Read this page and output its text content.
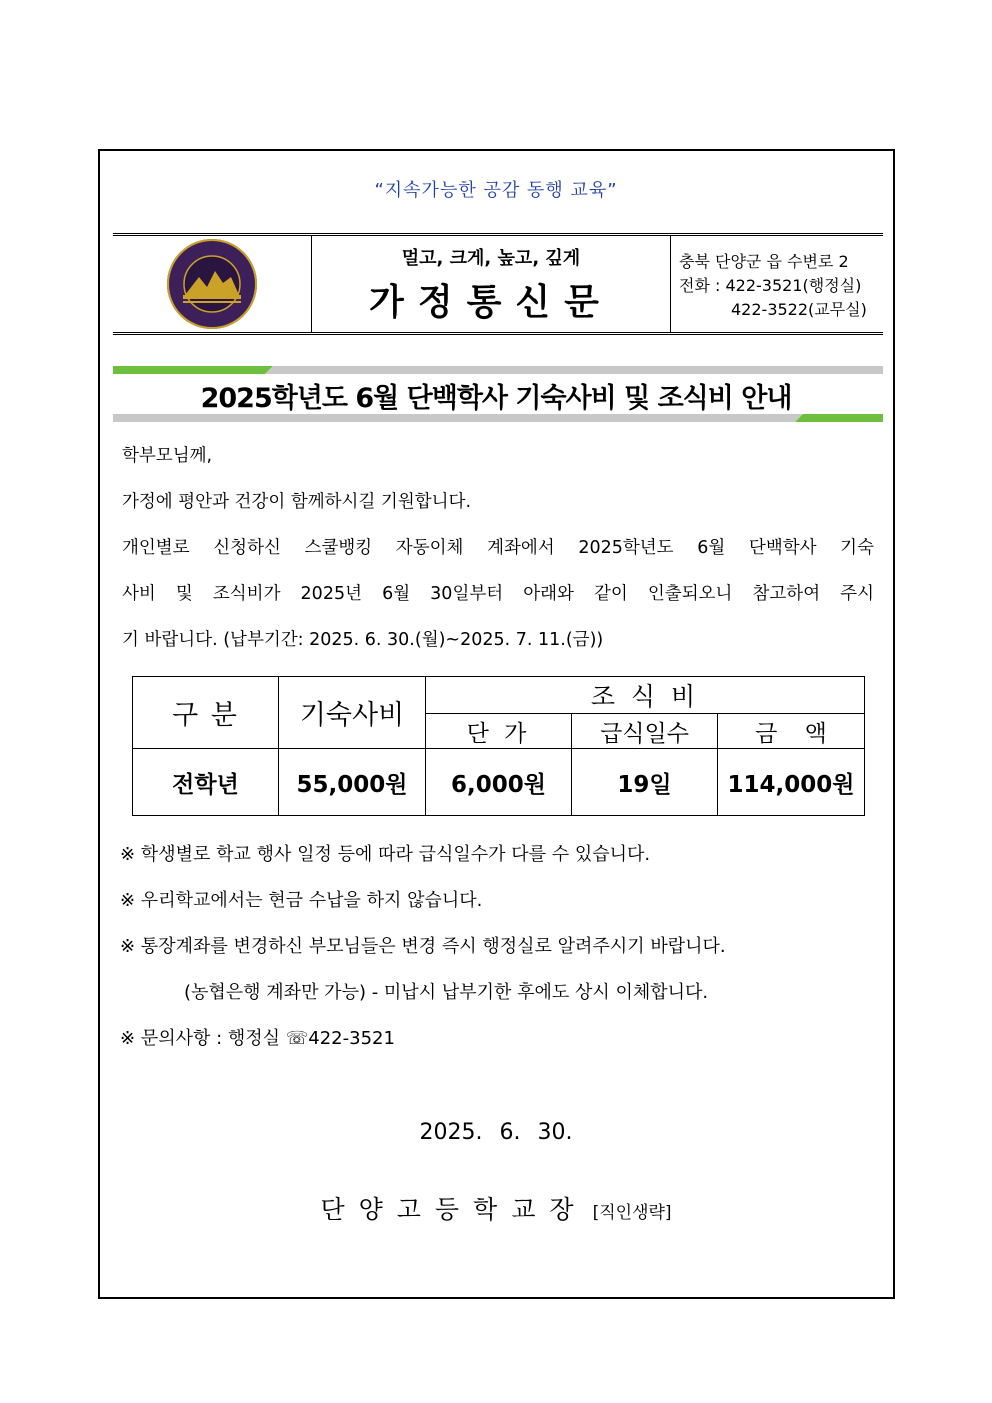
“지속가능한 공감 동행 교육”
멀고, 크게, 높고, 깊게
가정통신문
충북 단양군 읍 수변로 2
전화 : 422-3521(행정실)
422-3522(교무실)
2025학년도 6월 단백학사 기숙사비 및 조식비 안내
학부모님께,
가정에 평안과 건강이 함께하시길 기원합니다.
개인별로 신청하신 스쿨뱅킹 자동이체 계좌에서 2025학년도 6월 단백학사 기숙
사비 및 조식비가 2025년 6월 30일부터 아래와 같이 인출되오니 참고하여 주시
기 바랍니다. (납부기간: 2025. 6. 30.(월)~2025. 7. 11.(금))
구 분	기숙사비	조 식 비		
		단 가	급식일수	금 액
전학년	55,000원	6,000원	19일	114,000원
※ 학생별로 학교 행사 일정 등에 따라 급식일수가 다를 수 있습니다.
※ 우리학교에서는 현금 수납을 하지 않습니다.
※ 통장계좌를 변경하신 부모님들은 변경 즉시 행정실로 알려주시기 바랍니다.
(농협은행 계좌만 가능) - 미납시 납부기한 후에도 상시 이체합니다.
※ 문의사항 : 행정실 ☏422-3521
2025. 6. 30.
단양고등학교장 [직인생략]
